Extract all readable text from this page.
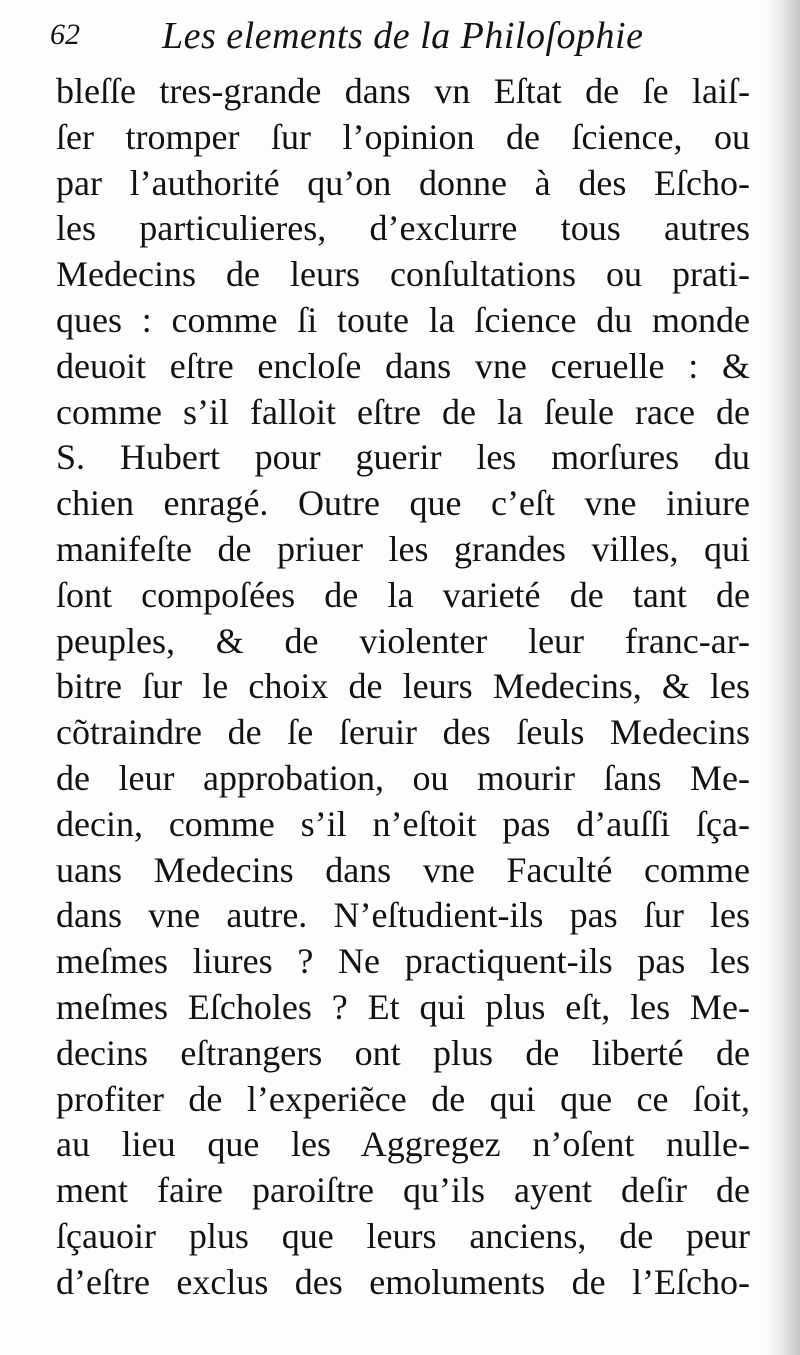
62 Les elements de la Philoſophie
bleſſe tres-grande dans vn Eſtat de ſe laiſ-
ſer tromper ſur l’opinion de ſcience, ou
par l’authorité qu’on donne à des Eſcho-
les particulieres, d’exclurre tous autres
Medecins de leurs conſultations ou prati-
ques : comme ſi toute la ſcience du monde
deuoit eſtre encloſe dans vne ceruelle : &
comme s’il falloit eſtre de la ſeule race de
S. Hubert pour guerir les morſures du
chien enragé. Outre que c’eſt vne iniure
manifeſte de priuer les grandes villes, qui
ſont compoſées de la varieté de tant de
peuples, & de violenter leur franc-ar-
bitre ſur le choix de leurs Medecins, & les
cõtraindre de ſe ſeruir des ſeuls Medecins
de leur approbation, ou mourir ſans Me-
decin, comme s’il n’eſtoit pas d’auſſi ſça-
uans Medecins dans vne Faculté comme
dans vne autre. N’eſtudient-ils pas ſur les
meſmes liures ? Ne practiquent-ils pas les
meſmes Eſcholes ? Et qui plus eſt, les Me-
decins eſtrangers ont plus de liberté de
profiter de l’experiẽce de qui que ce ſoit,
au lieu que les Aggregez n’oſent nulle-
ment faire paroiſtre qu’ils ayent deſir de
ſçauoir plus que leurs anciens, de peur
d’eſtre exclus des emoluments de l’Eſcho-
